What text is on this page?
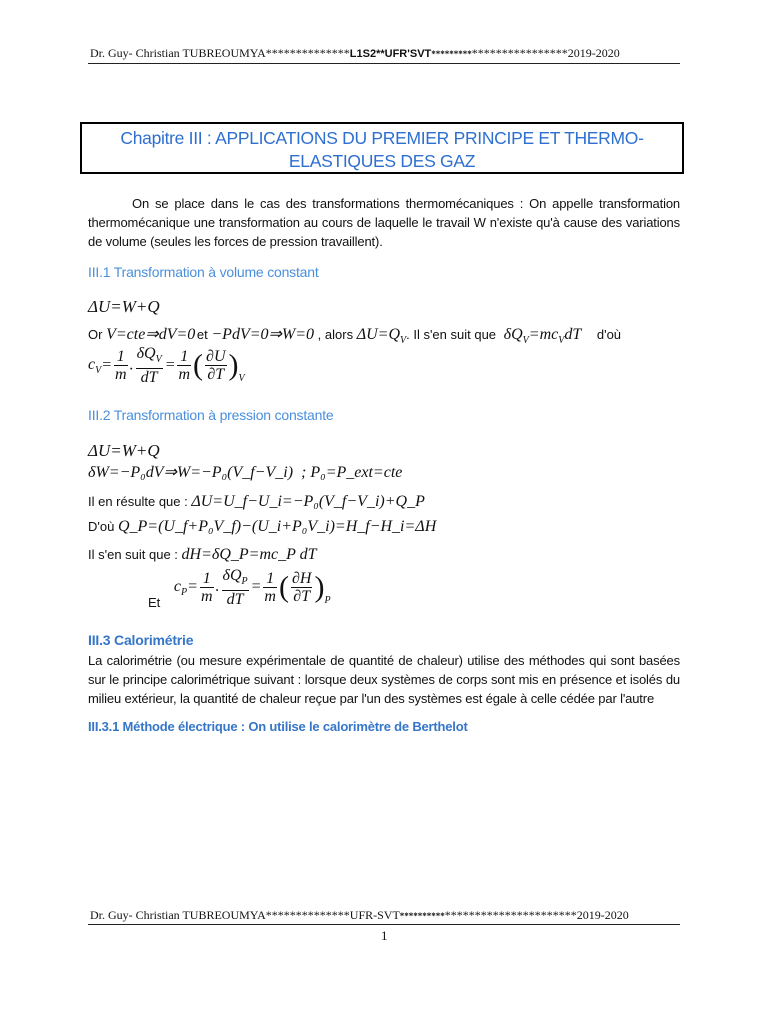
Dr. Guy- Christian TUBREOUMYA**************L1S2**UFR'SVT*************************2019-2020
Chapitre III : APPLICATIONS DU PREMIER PRINCIPE ET THERMO-
ELASTIQUES DES GAZ
On se place dans le cas des transformations thermomécaniques : On appelle transformation thermomécanique une transformation au cours de laquelle le travail W n'existe qu'à cause des variations de volume (seules les forces de pression travaillent).
III.1 Transformation à volume constant
ΔU=W+Q
Or V=cte⇒dV=0 et −PdV=0⇒W=0 , alors $\Delta U=Q_V$. Il s'en suit que $\delta Q_V=mc_VdT$ d'où
$c_V= \frac{1}{m}$ . $\frac{\delta Q_V}{dT} = \frac{1}{m}$ ( $\frac{\partial U}{\partial T} )_V$
III.2 Transformation à pression constante
ΔU=W+Q
δW=−P₀dV⇒W=−P₀(V_f−V_i) ; P₀=P_ext=cte
Il en résulte que : ΔU=U_f−U_i=−P₀(V_f−V_i)+Q_P
D'où Q_P=(U_f+P₀V_f)−(U_i+P₀V_i)=H_f−H_i=ΔH
Il s'en suit que : dH=δQ_P=mc_P dT
Et $c_P= \frac{1}{m}$ . $\frac{\delta Q_P}{dT} = \frac{1}{m}$ ( $\frac{\partial H}{\partial T} )_P$
III.3 Calorimétrie
La calorimétrie (ou mesure expérimentale de quantité de chaleur) utilise des méthodes qui sont basées sur le principe calorimétrique suivant : lorsque deux systèmes de corps sont mis en présence et isolés du milieu extérieur, la quantité de chaleur reçue par l'un des systèmes est égale à celle cédée par l'autre
III.3.1 Méthode électrique : On utilise le calorimètre de Berthelot
Dr. Guy- Christian TUBREOUMYA**************UFR-SVT********************************2019-2020
1
